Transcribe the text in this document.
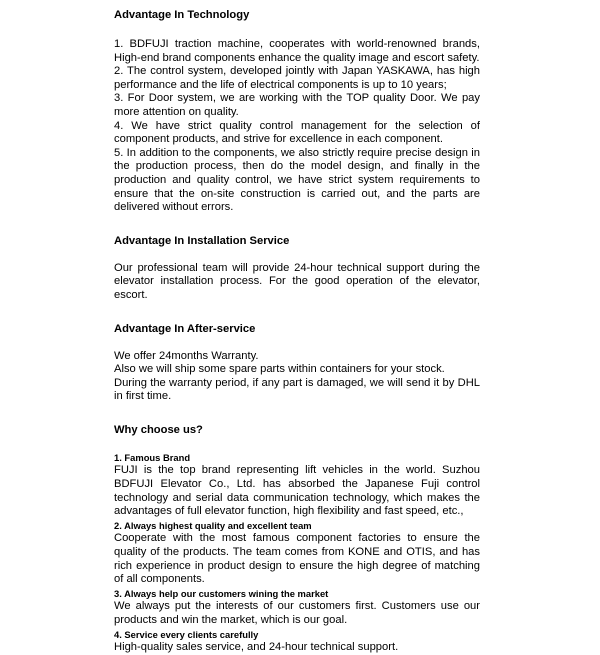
Advantage In Technology

1. BDFUJI traction machine, cooperates with world-renowned brands, High-end brand components enhance the quality image and escort safety.

2. The control system, developed jointly with Japan YASKAWA, has high performance and the life of electrical components is up to 10 years;

3. For Door system, we are working with the TOP quality Door. We pay more attention on quality.

4. We have strict quality control management for the selection of component products, and strive for excellence in each component.

5. In addition to the components, we also strictly require precise design in the production process, then do the model design, and finally in the production and quality control, we have strict system requirements to ensure that the on-site construction is carried out, and the parts are delivered without errors.

Advantage In Installation Service

Our professional team will provide 24-hour technical support during the elevator installation process. For the good operation of the elevator, escort.

Advantage In After-service

We offer 24months Warranty.

Also we will ship some spare parts within containers for your stock.

During the warranty period, if any part is damaged, we will send it by DHL in first time.

Why choose us?
1. Famous Brand

FUJI is the top brand representing lift vehicles in the world. Suzhou BDFUJI Elevator Co., Ltd. has absorbed the Japanese Fuji control technology and serial data communication technology, which makes the advantages of full elevator function, high flexibility and fast speed, etc.,

2. Always highest quality and excellent team

Cooperate with the most famous component factories to ensure the quality of the products. The team comes from KONE and OTIS, and has rich experience in product design to ensure the high degree of matching of all components.

3. Always help our customers wining the market

We always put the interests of our customers first. Customers use our products and win the market, which is our goal.

4. Service every clients carefully

High-quality sales service, and 24-hour technical support.
